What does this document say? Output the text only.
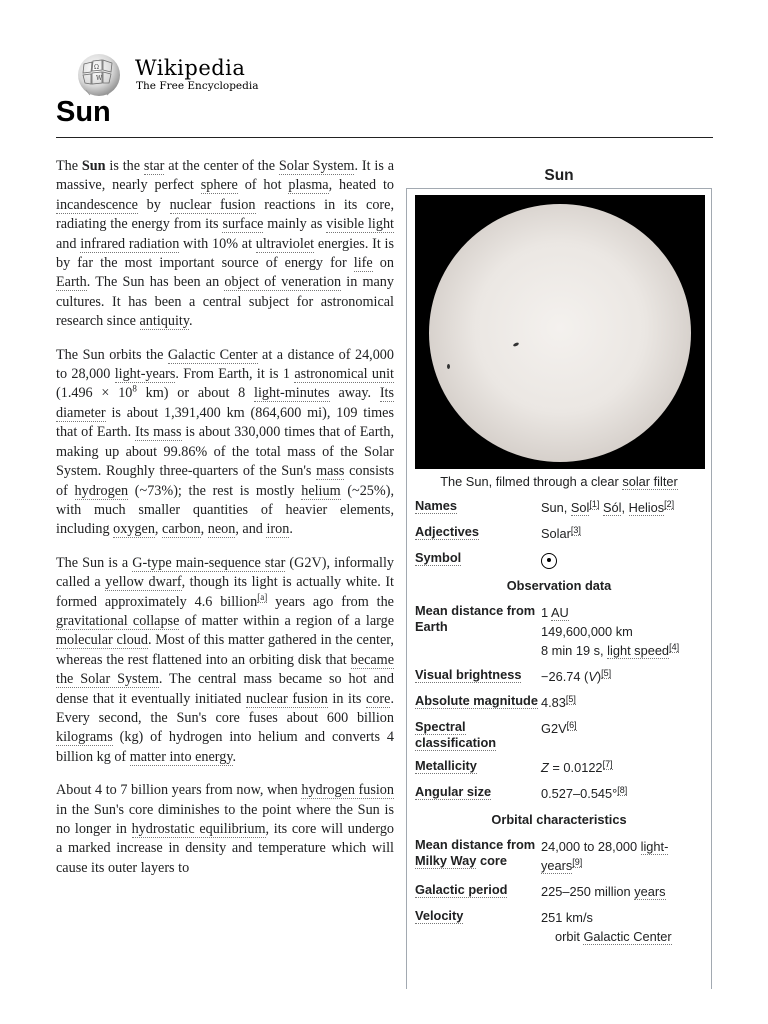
Ω
W Wikipedia
The Free Encyclopedia
Sun

The Sun is the star at the center of the Solar System. It is a massive, nearly perfect sphere of hot plasma, heated to incandescence by nuclear fusion reactions in its core, radiating the energy from its surface mainly as visible light and infrared radiation with 10% at ultraviolet energies. It is by far the most important source of energy for life on Earth. The Sun has been an object of veneration in many cultures. It has been a central subject for astronomical research since antiquity.

The Sun orbits the Galactic Center at a distance of 24,000 to 28,000 light-years. From Earth, it is 1 astronomical unit ($1.496 \times 10^8$ km) or about 8 light-minutes away. Its diameter is about 1,391,400 km (864,600 mi), 109 times that of Earth. Its mass is about 330,000 times that of Earth, making up about 99.86% of the total mass of the Solar System. Roughly three-quarters of the Sun's mass consists of hydrogen (~73%); the rest is mostly helium (~25%), with much smaller quantities of heavier elements, including oxygen, carbon, neon, and iron.

The Sun is a G-type main-sequence star (G2V), informally called a yellow dwarf, though its light is actually white. It formed approximately 4.6 billion[a] years ago from the gravitational collapse of matter within a region of a large molecular cloud. Most of this matter gathered in the center, whereas the rest flattened into an orbiting disk that became the Solar System. The central mass became so hot and dense that it eventually initiated nuclear fusion in its core. Every second, the Sun's core fuses about 600 billion kilograms (kg) of hydrogen into helium and converts 4 billion kg of matter into energy.

About 4 to 7 billion years from now, when hydrogen fusion in the Sun's core diminishes to the point where the Sun is no longer in hydrostatic equilibrium, its core will undergo a marked increase in density and temperature which will cause its outer layers to

Sun
The Sun, filmed through a clear solar filter
Names	Sun, Sol[1] Sól, Helios[2]
Adjectives	Solar[3]
Symbol	
Observation data	
Mean distance from Earth	1 AU
149,600,000 km
8 min 19 s, light speed[4]
Visual brightness	−26.74 (V)[5]
Absolute magnitude	4.83[5]
Spectral classification	G2V[6]
Metallicity	Z = 0.0122[7]
Angular size	0.527–0.545°[8]
Orbital characteristics	
Mean distance from Milky Way core	24,000 to 28,000 light-years[9]
Galactic period	225–250 million years
Velocity	251 km/s
orbit Galactic Center
